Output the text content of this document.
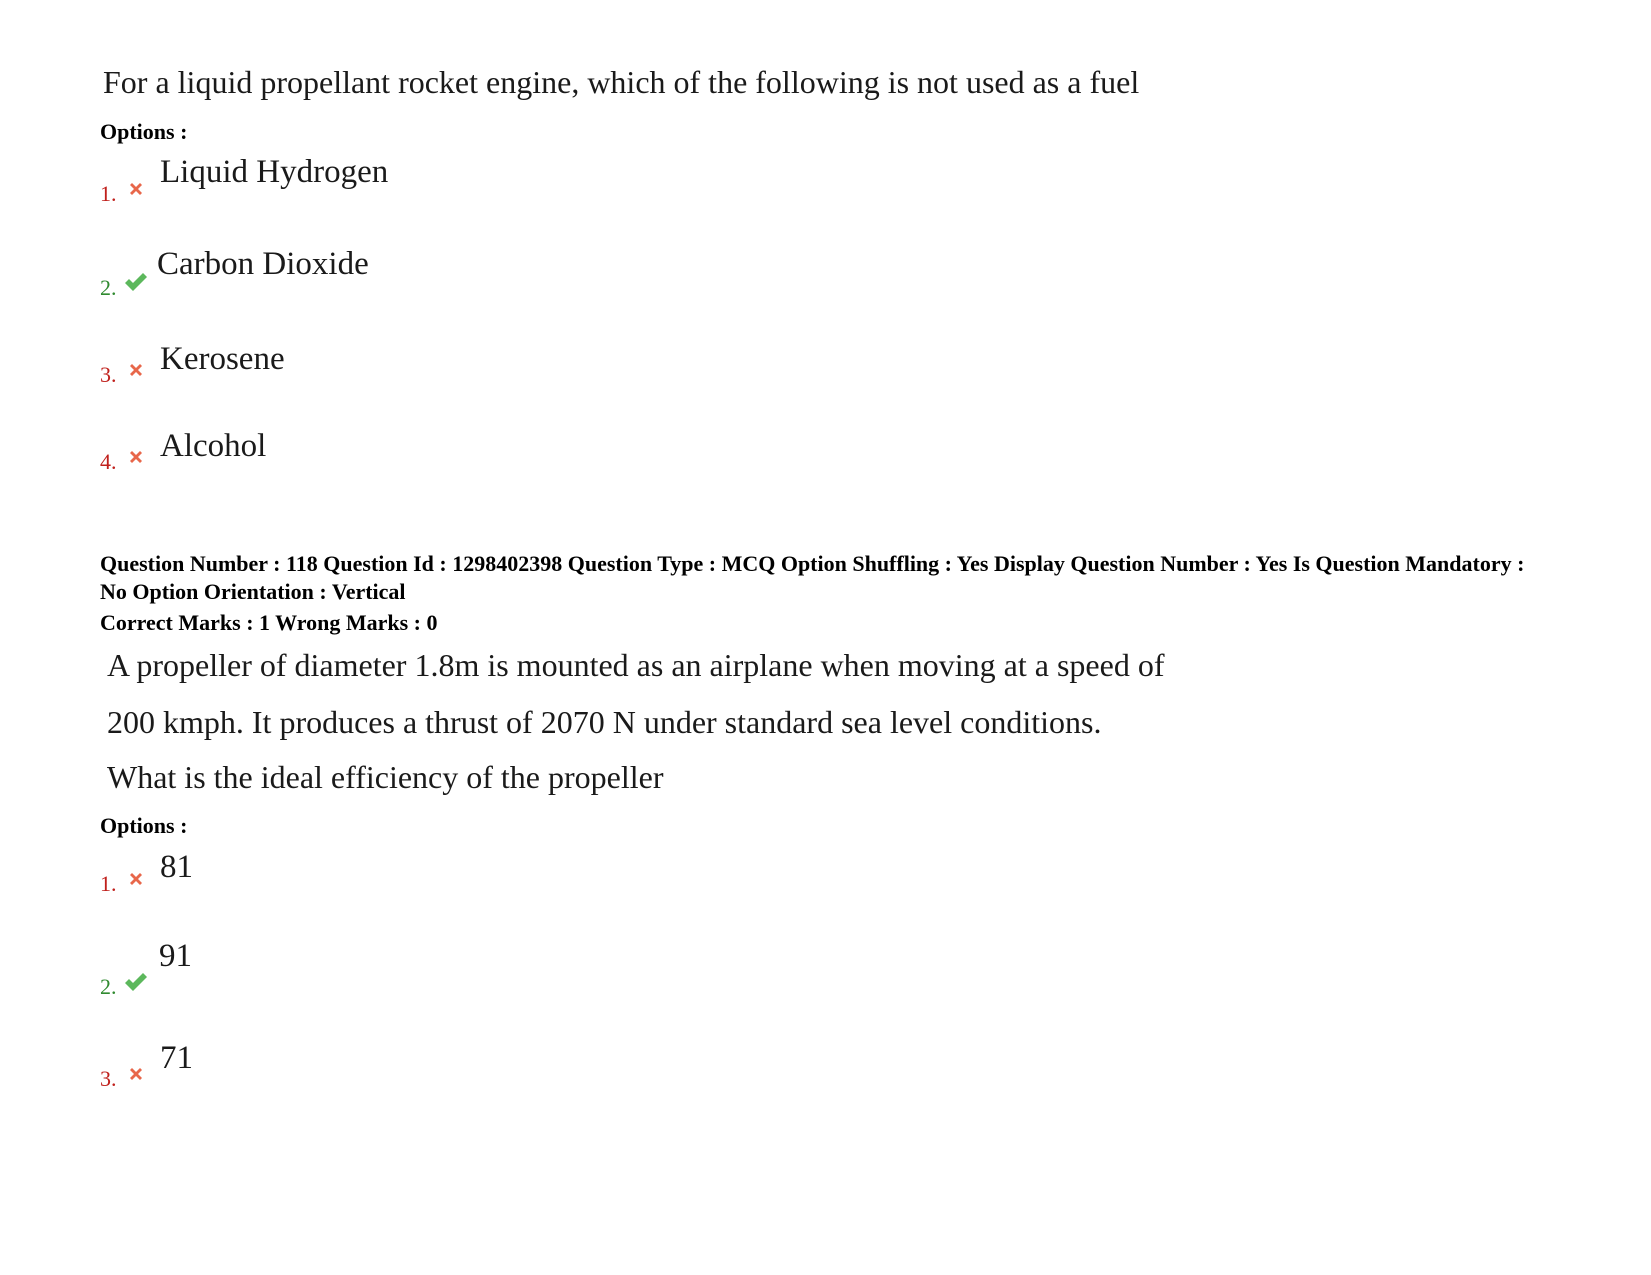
For a liquid propellant rocket engine, which of the following is not used as a fuel
Options :
1.
Liquid Hydrogen
2.
Carbon Dioxide
3. Kerosene
4. Alcohol
Question Number : 118 Question Id : 1298402398 Question Type : MCQ Option Shuffling : Yes Display Question Number : Yes Is Question Mandatory : No Option Orientation : Vertical
Correct Marks : 1 Wrong Marks : 0
A propeller of diameter 1.8m is mounted as an airplane when moving at a speed of
200 kmph. It produces a thrust of 2070 N under standard sea level conditions.
What is the ideal efficiency of the propeller
Options :
1. 81
2.
91
3.
71
